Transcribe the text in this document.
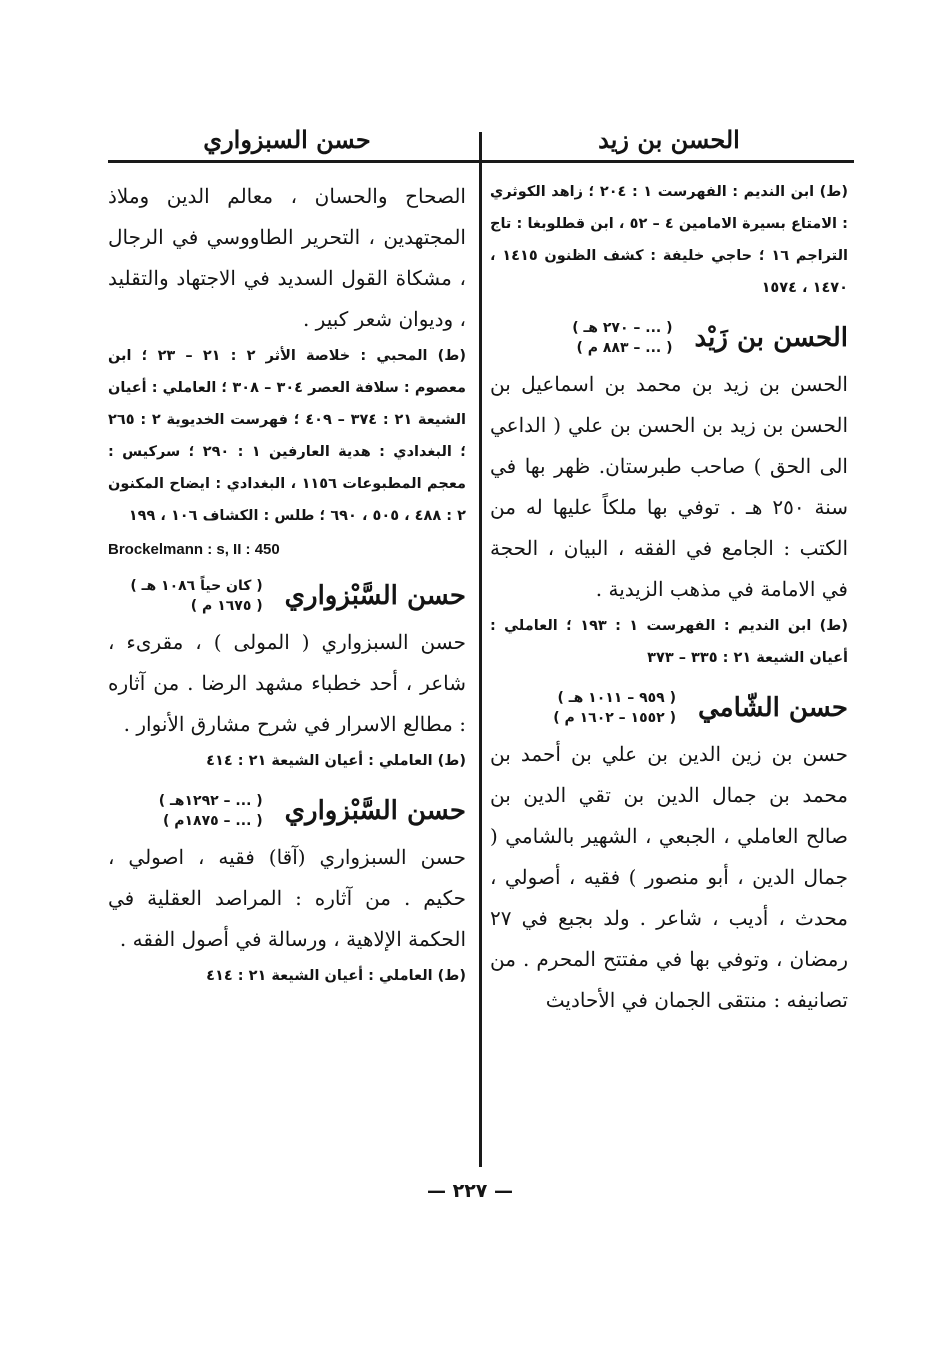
الحسن بن زيد

(ط) ابن النديم : الفهرست ١ : ٢٠٤ ؛ زاهد الكوثري : الامتاع بسيرة الامامين ٤ – ٥٢ ، ابن قطلوبغا : تاج التراجم ١٦ ؛ حاجي خليفة : كشف الظنون ١٤١٥ ، ١٤٧٠ ، ١٥٧٤

الحسن بن زَيْد
( ... – ٢٧٠ هـ )
( ... – ٨٨٣ م )

الحسن بن زيد بن محمد بن اسماعيل بن الحسن بن زيد بن الحسن بن علي ( الداعي الى الحق ) صاحب طبرستان. ظهر بها في سنة ٢٥٠ هـ . توفي بها ملكاً عليها له من الكتب : الجامع في الفقه ، البيان ، الحجة في الامامة في مذهب الزيدية .

(ط) ابن النديم : الفهرست ١ : ١٩٣ ؛ العاملي : أعيان الشيعة ٢١ : ٣٣٥ – ٣٧٣

حسن الشّامي
( ٩٥٩ – ١٠١١ هـ )
( ١٥٥٢ – ١٦٠٢ م )

حسن بن زين الدين بن علي بن أحمد بن محمد بن جمال الدين بن تقي الدين بن صالح العاملي ، الجبعي ، الشهير بالشامي ( جمال الدين ، أبو منصور ) فقيه ، أصولي ، محدث ، أديب ، شاعر . ولد بجبع في ٢٧ رمضان ، وتوفي بها في مفتتح المحرم . من تصانيفه : منتقى الجمان في الأحاديث

حسن السبزواري

الصحاح والحسان ، معالم الدين وملاذ المجتهدين ، التحرير الطاووسي في الرجال ، مشكاة القول السديد في الاجتهاد والتقليد ، وديوان شعر كبير .

(ط) المحبي : خلاصة الأثر ٢ : ٢١ – ٢٣ ؛ ابن معصوم : سلافة العصر ٣٠٤ – ٣٠٨ ؛ العاملي : أعيان الشيعة ٢١ : ٣٧٤ – ٤٠٩ ؛ فهرست الخديوية ٢ : ٢٦٥ ؛ البغدادي : هدية العارفين ١ : ٢٩٠ ؛ سركيس : معجم المطبوعات ١١٥٦ ، البغدادي : ايضاح المكنون ٢ : ٤٨٨ ، ٥٠٥ ، ٦٩٠ ؛ طلس : الكشاف ١٠٦ ، ١٩٩

Brockelmann : s, II : 450

حسن السَّبْزواري
( كان حياً ١٠٨٦ هـ )
( ١٦٧٥ م )

حسن السبزواري ( المولى ) ، مقرىء ، شاعر ، أحد خطباء مشهد الرضا . من آثاره : مطالع الاسرار في شرح مشارق الأنوار .

(ط) العاملي : أعيان الشيعة ٢١ : ٤١٤

حسن السَّبْزواري
( ... – ١٢٩٢هـ )
( ... – ١٨٧٥م )

حسن السبزواري (آقا) فقيه ، اصولي ، حكيم . من آثاره : المراصد العقلية في الحكمة الإلاهية ، ورسالة في أصول الفقه .

(ط) العاملي : أعيان الشيعة ٢١ : ٤١٤

— ٢٢٧ —
